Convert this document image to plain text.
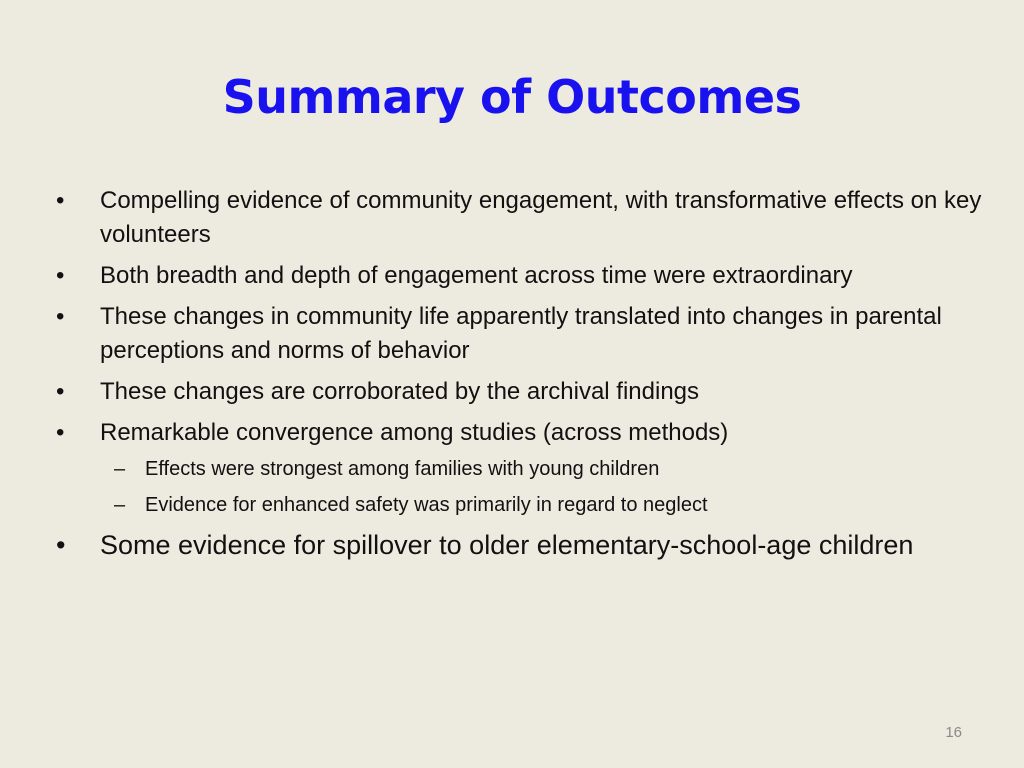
Summary of Outcomes
•	Compelling evidence of community engagement, with transformative effects on key volunteers
•	Both breadth and depth of engagement across time were extraordinary
•	These changes in community life apparently translated into changes in parental perceptions and norms of behavior
•	These changes are corroborated by the archival findings
•	Remarkable convergence among studies (across methods)
– Effects were strongest among families with young children
– Evidence for enhanced safety was primarily in regard to neglect
•	Some evidence for spillover to older elementary-school-age children
16
